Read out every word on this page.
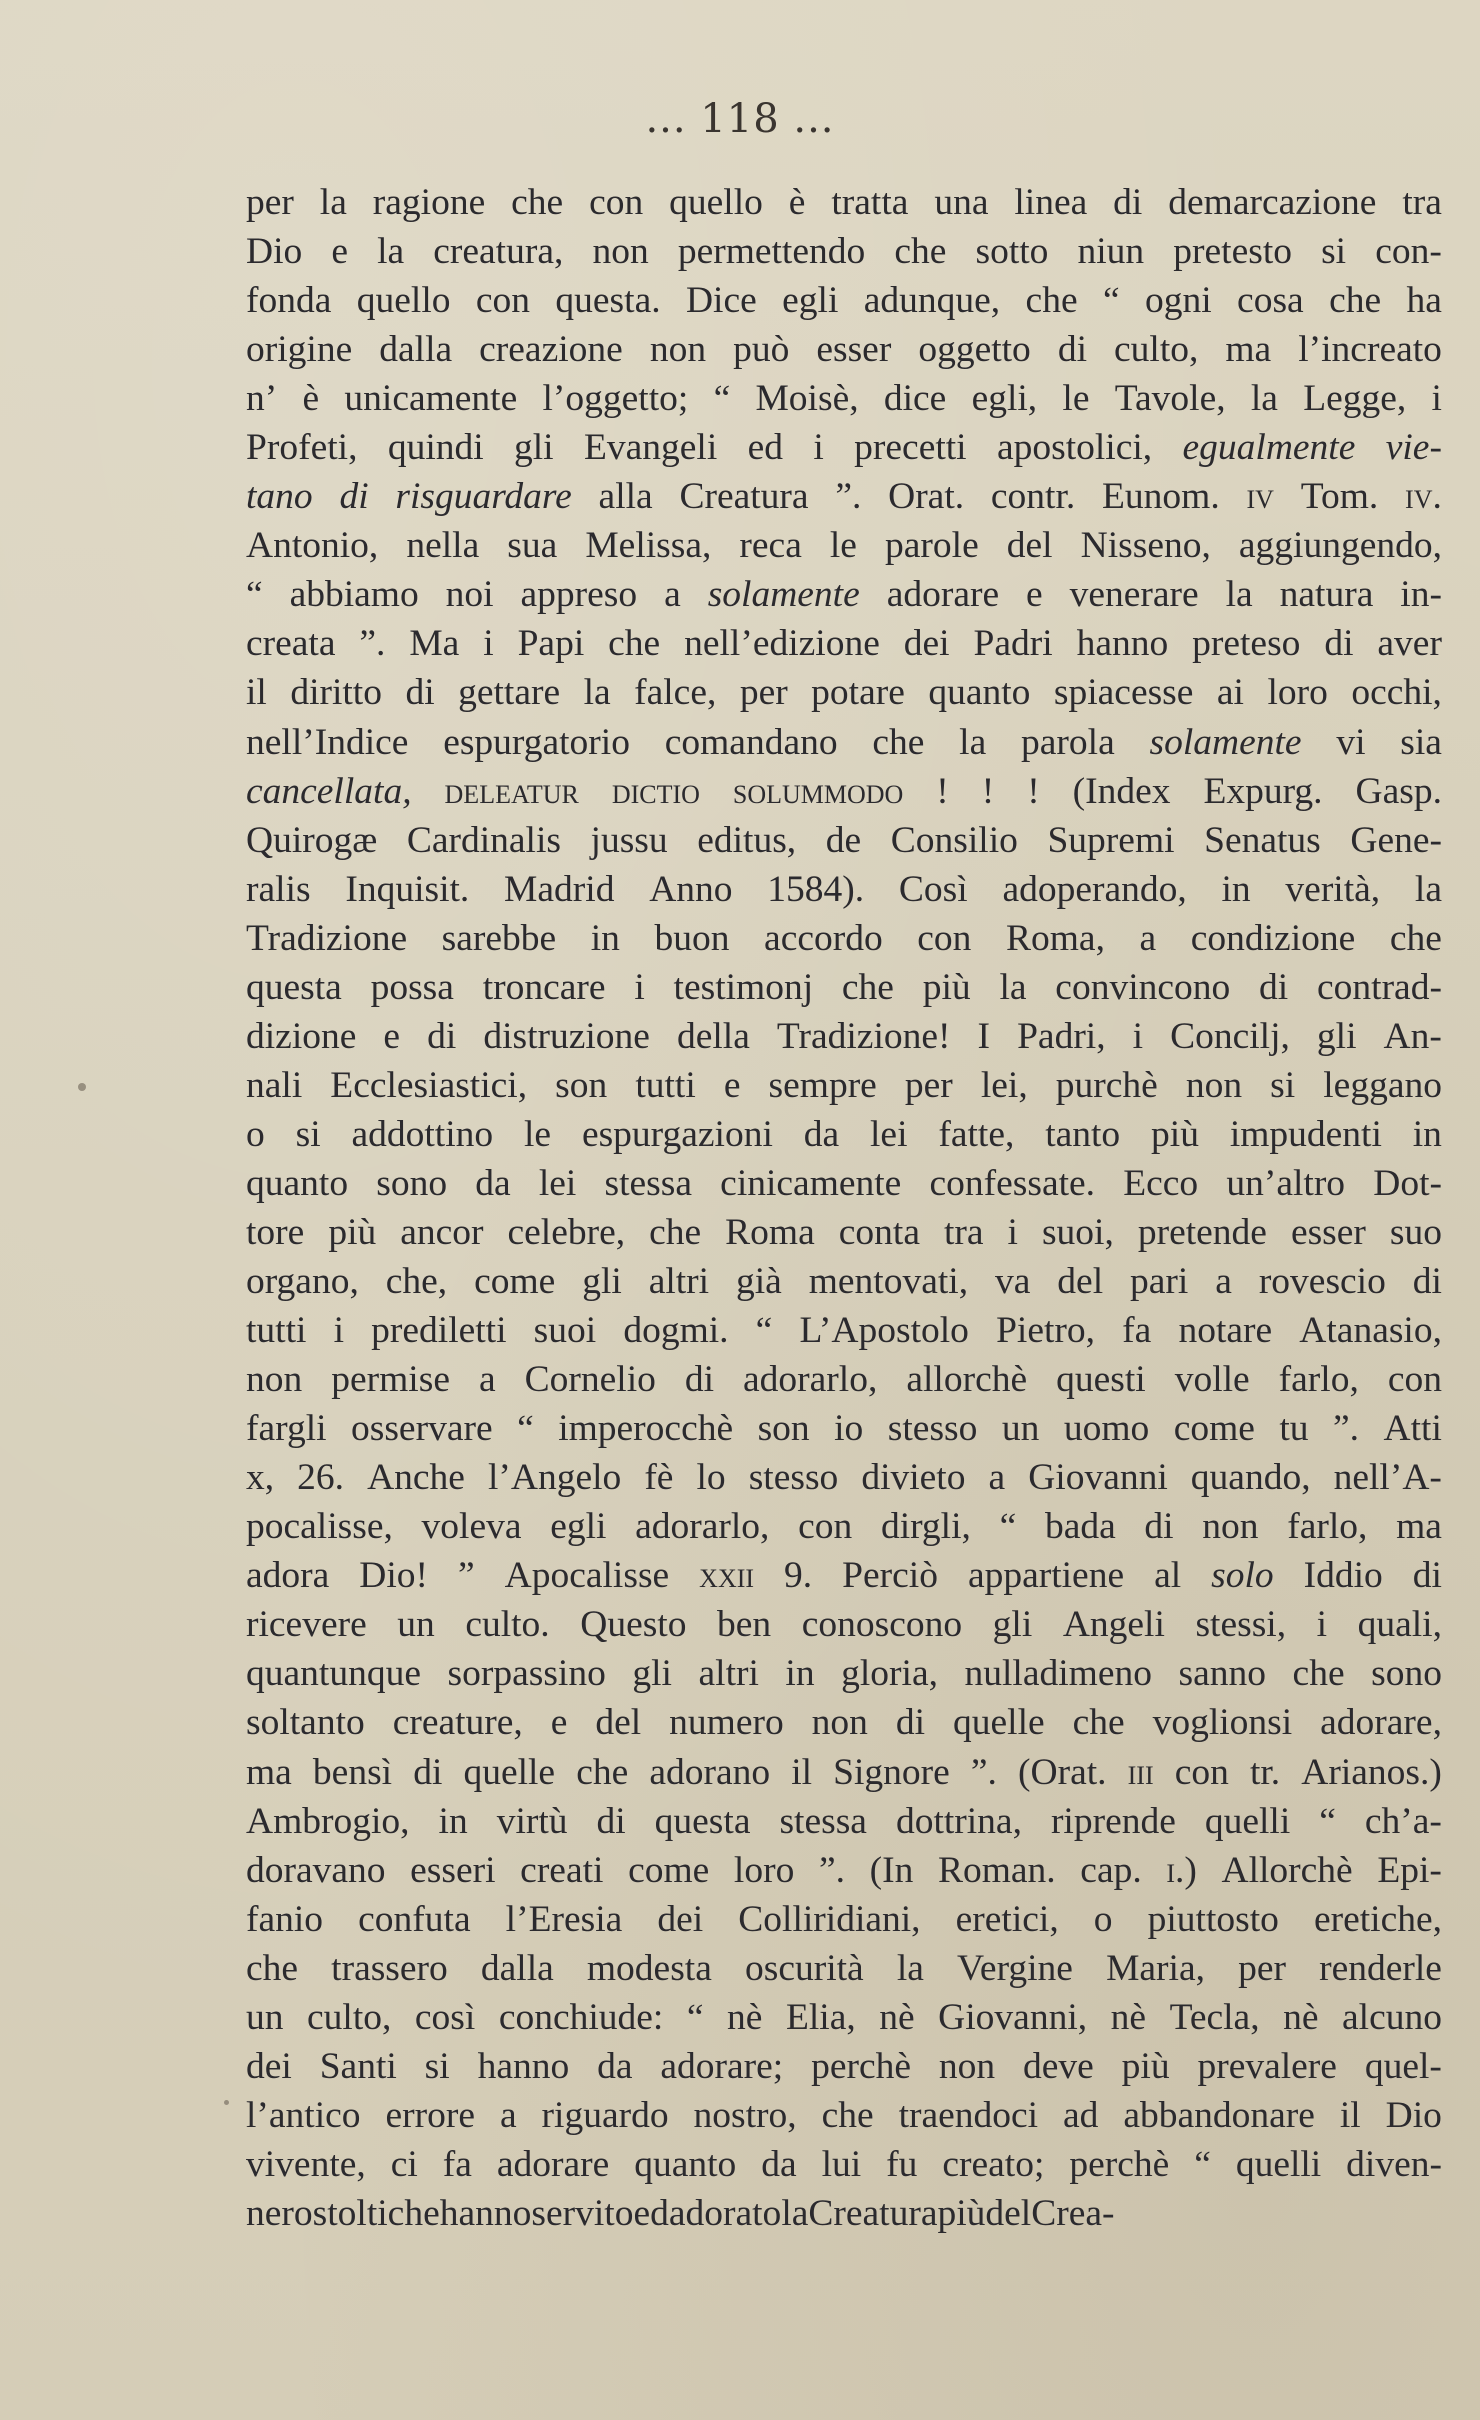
... 118 ...
per la ragione che con quello è tratta una linea di demarcazione tra
Dio e la creatura, non permettendo che sotto niun pretesto si con-
fonda quello con questa. Dice egli adunque, che “ ogni cosa che ha
origine dalla creazione non può esser oggetto di culto, ma l’increato
n’ è unicamente l’oggetto; “ Moisè, dice egli, le Tavole, la Legge, i
Profeti, quindi gli Evangeli ed i precetti apostolici, egualmente vie-
tano di risguardare alla Creatura ”. Orat. contr. Eunom. iv Tom. iv.
Antonio, nella sua Melissa, reca le parole del Nisseno, aggiungendo,
“ abbiamo noi appreso a solamente adorare e venerare la natura in-
creata ”. Ma i Papi che nell’edizione dei Padri hanno preteso di aver
il diritto di gettare la falce, per potare quanto spiacesse ai loro occhi,
nell’Indice espurgatorio comandano che la parola solamente vi sia
cancellata, deleatur dictio solummodo ! ! ! (Index Expurg. Gasp.
Quirogæ Cardinalis jussu editus, de Consilio Supremi Senatus Gene-
ralis Inquisit. Madrid Anno 1584). Così adoperando, in verità, la
Tradizione sarebbe in buon accordo con Roma, a condizione che
questa possa troncare i testimonj che più la convincono di contrad-
dizione e di distruzione della Tradizione! I Padri, i Concilj, gli An-
nali Ecclesiastici, son tutti e sempre per lei, purchè non si leggano
o si addottino le espurgazioni da lei fatte, tanto più impudenti in
quanto sono da lei stessa cinicamente confessate. Ecco un’altro Dot-
tore più ancor celebre, che Roma conta tra i suoi, pretende esser suo
organo, che, come gli altri già mentovati, va del pari a rovescio di
tutti i prediletti suoi dogmi. “ L’Apostolo Pietro, fa notare Atanasio,
non permise a Cornelio di adorarlo, allorchè questi volle farlo, con
fargli osservare “ imperocchè son io stesso un uomo come tu ”. Atti
x, 26. Anche l’Angelo fè lo stesso divieto a Giovanni quando, nell’A-
pocalisse, voleva egli adorarlo, con dirgli, “ bada di non farlo, ma
adora Dio! ” Apocalisse xxii 9. Perciò appartiene al solo Iddio di
ricevere un culto. Questo ben conoscono gli Angeli stessi, i quali,
quantunque sorpassino gli altri in gloria, nulladimeno sanno che sono
soltanto creature, e del numero non di quelle che voglionsi adorare,
ma bensì di quelle che adorano il Signore ”. (Orat. iii con tr. Arianos.)
Ambrogio, in virtù di questa stessa dottrina, riprende quelli “ ch’a-
doravano esseri creati come loro ”. (In Roman. cap. i.) Allorchè Epi-
fanio confuta l’Eresia dei Colliridiani, eretici, o piuttosto eretiche,
che trassero dalla modesta oscurità la Vergine Maria, per renderle
un culto, così conchiude: “ nè Elia, nè Giovanni, nè Tecla, nè alcuno
dei Santi si hanno da adorare; perchè non deve più prevalere quel-
l’antico errore a riguardo nostro, che traendoci ad abbandonare il Dio
vivente, ci fa adorare quanto da lui fu creato; perchè “ quelli diven-
nero stolti che hanno servito ed adorato la Creatura più del Crea-
